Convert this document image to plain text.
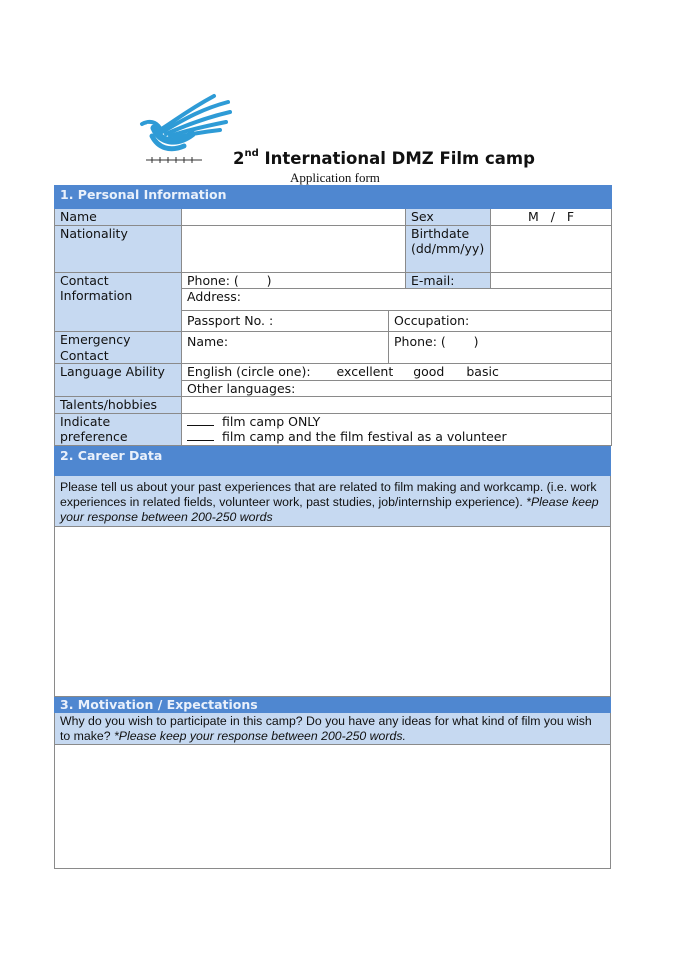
2nd International DMZ Film camp
Application form
1. Personal Information				
Name			Sex	M   /   F
Nationality			Birthdate (dd/mm/yy)	
Contact Information	Phone: (       )		E-mail:	
	Address:			
	Passport No. :	Occupation:		
Emergency Contact	Name:	Phone: (       )		
Language Ability	English (circle one): excellent good basic			
	Other languages:			
Talents/hobbies				
Indicate preference	film camp ONLY
film camp and the film festival as a volunteer			
2. Career Data
Please tell us about your past experiences that are related to film making and workcamp. (i.e. work experiences in related fields, volunteer work, past studies, job/internship experience). *Please keep your response between 200-250 words

3. Motivation / Expectations
Why do you wish to participate in this camp? Do you have any ideas for what kind of film you wish to make? *Please keep your response between 200-250 words.
